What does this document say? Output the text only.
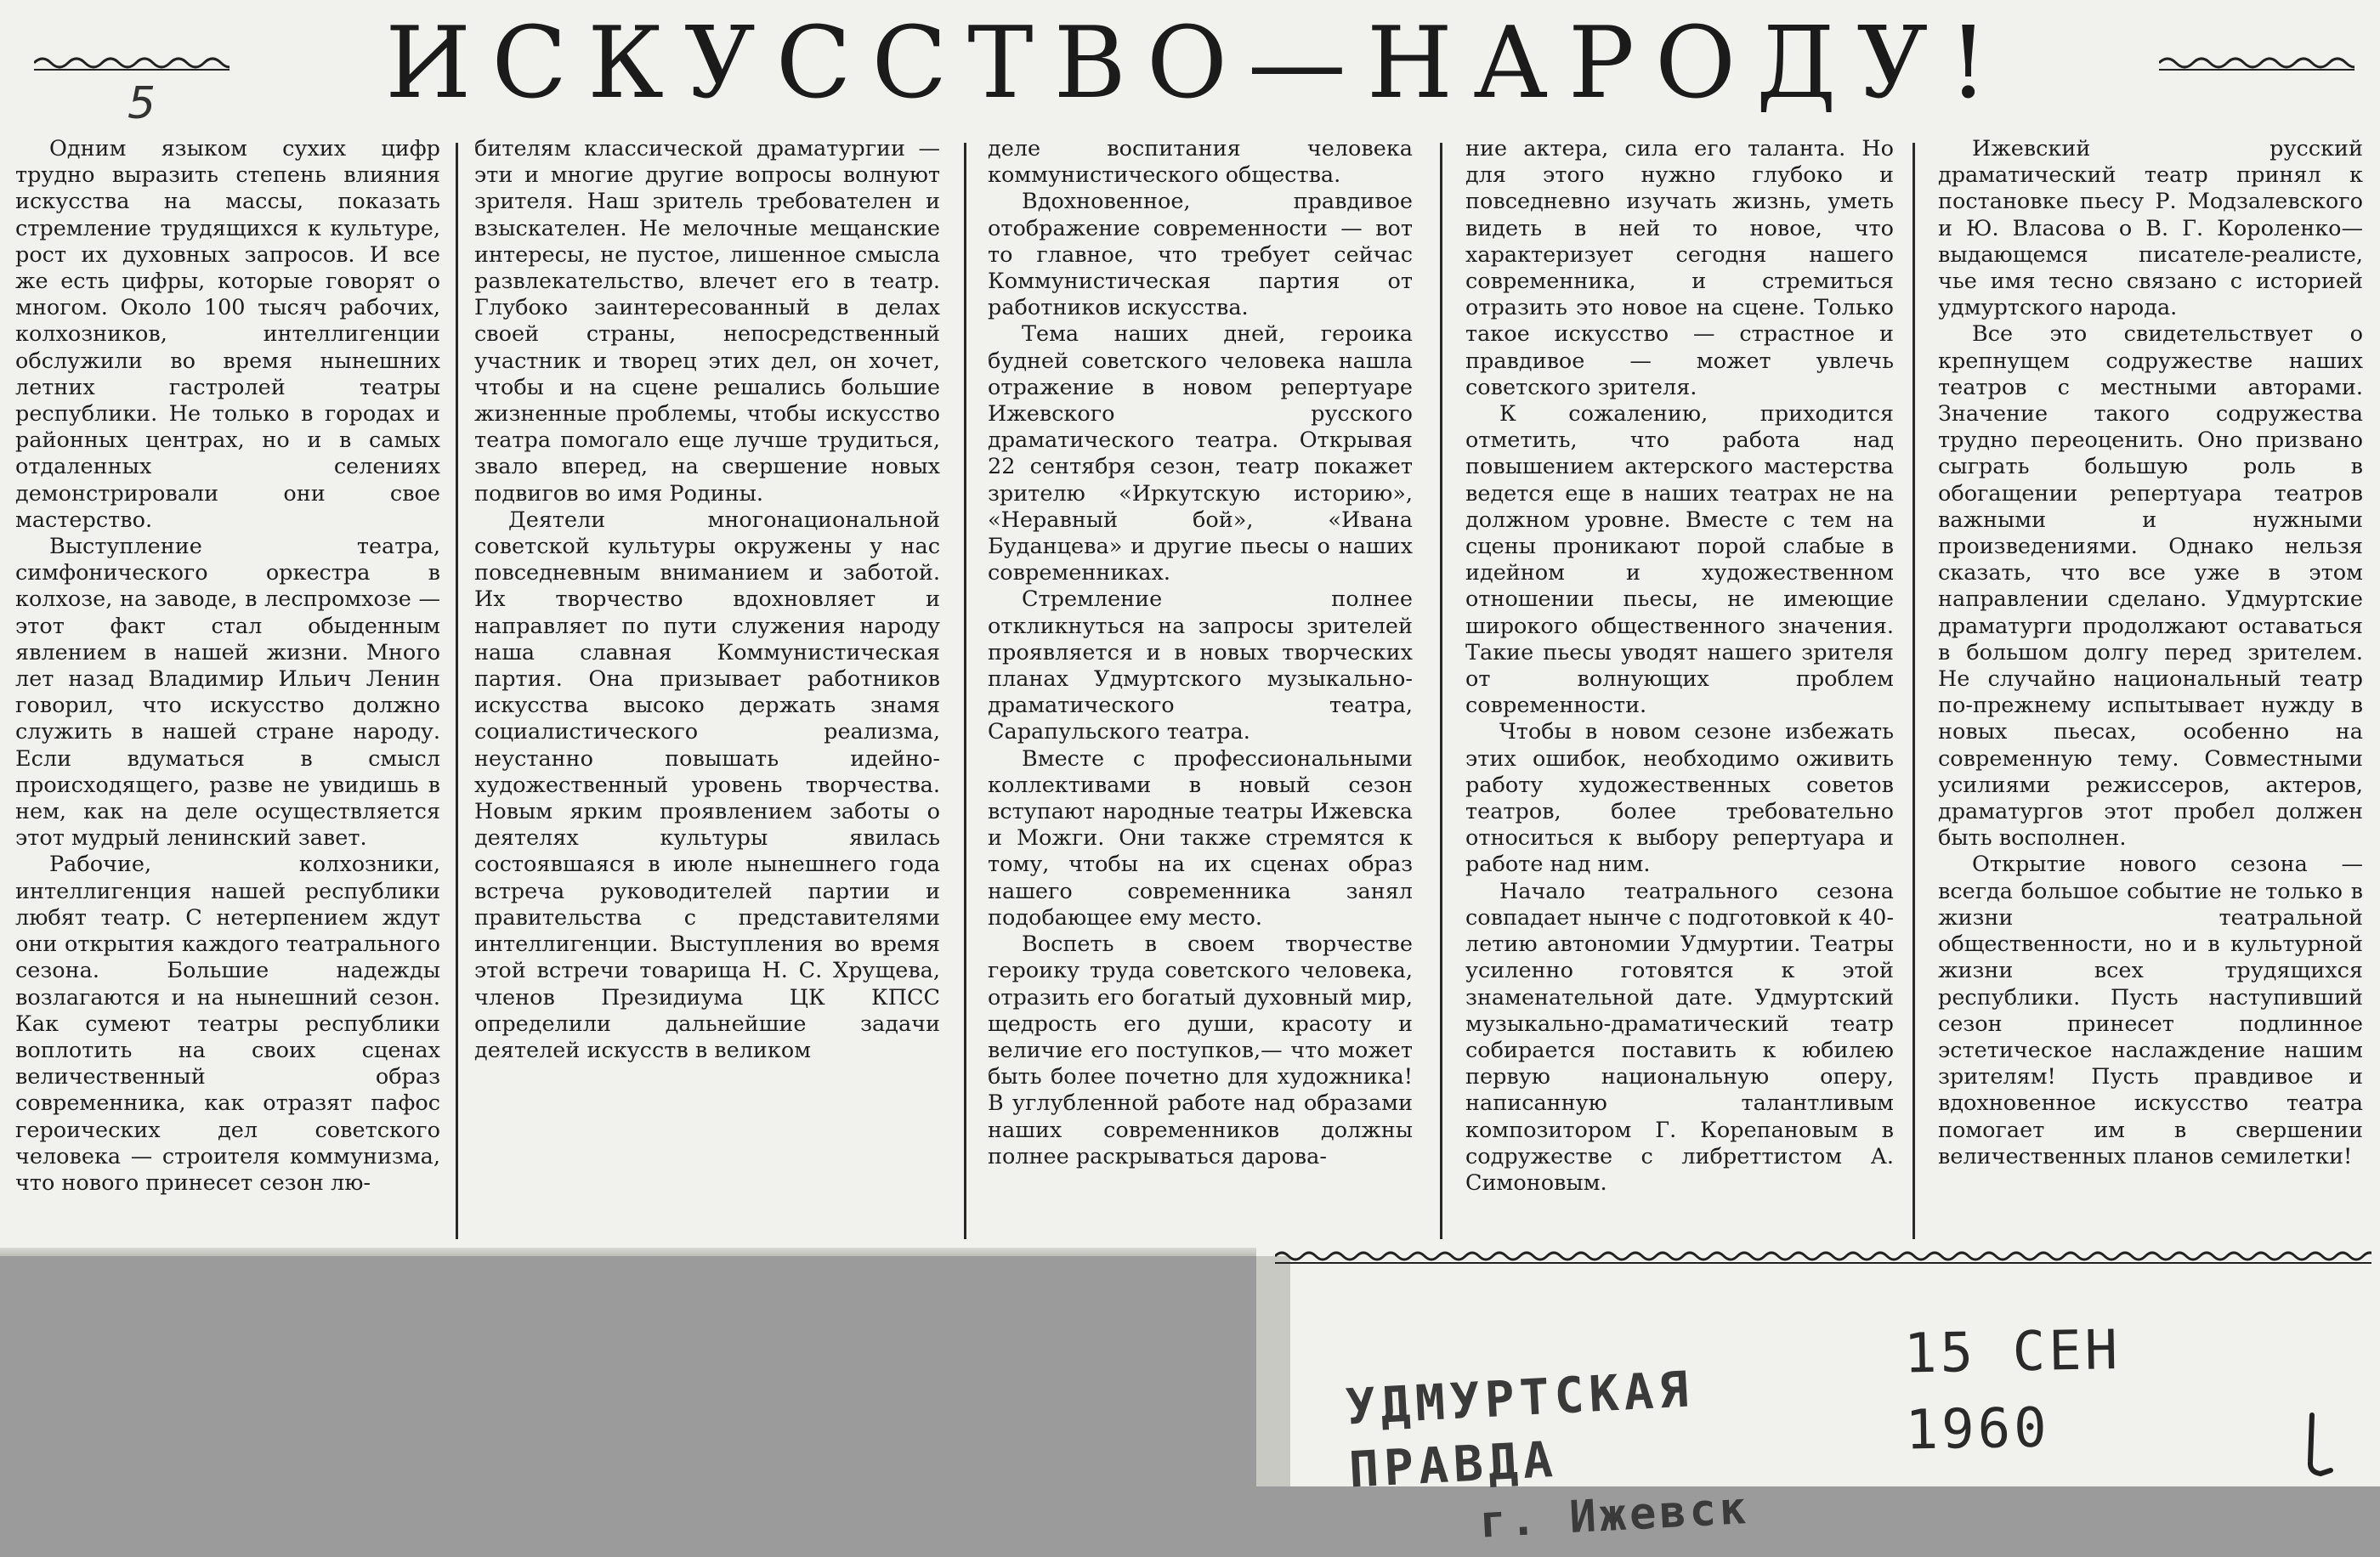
ИСКУССТВО—НАРОДУ!
5

Одним языком сухих цифр трудно выразить степень влияния искусства на массы, показать стремление трудящихся к культуре, рост их духовных запросов. И все же есть цифры, которые говорят о многом. Около 100 тысяч рабочих, колхозников, интеллигенции обслужили во время нынешних летних гастролей театры республики. Не только в городах и районных центрах, но и в самых отдаленных селениях демонстрировали они свое мастерство.

Выступление театра, симфонического оркестра в колхозе, на заводе, в леспромхозе — этот факт стал обыденным явлением в нашей жизни. Много лет назад Владимир Ильич Ленин говорил, что искусство должно служить в нашей стране народу. Если вдуматься в смысл происходящего, разве не увидишь в нем, как на деле осуществляется этот мудрый ленинский завет.

Рабочие, колхозники, интеллигенция нашей республики любят театр. С нетерпением ждут они открытия каждого театрального сезона. Большие надежды возлагаются и на нынешний сезон. Как сумеют театры республики воплотить на своих сценах величественный образ современника, как отразят пафос героических дел советского человека — строителя коммунизма, что нового принесет сезон лю-

бителям классической драматургии — эти и многие другие вопросы волнуют зрителя. Наш зритель требователен и взыскателен. Не мелочные мещанские интересы, не пустое, лишенное смысла развлекательство, влечет его в театр. Глубоко заинтересованный в делах своей страны, непосредственный участник и творец этих дел, он хочет, чтобы и на сцене решались большие жизненные проблемы, чтобы искусство театра помогало еще лучше трудиться, звало вперед, на свершение новых подвигов во имя Родины.

Деятели многонациональной советской культуры окружены у нас повседневным вниманием и заботой. Их творчество вдохновляет и направляет по пути служения народу наша славная Коммунистическая партия. Она призывает работников искусства высоко держать знамя социалистического реализма, неустанно повышать идейно-художественный уровень творчества. Новым ярким проявлением заботы о деятелях культуры явилась состоявшаяся в июле нынешнего года встреча руководителей партии и правительства с представителями интеллигенции. Выступления во время этой встречи товарища Н. С. Хрущева, членов Президиума ЦК КПСС определили дальнейшие задачи деятелей искусств в великом

деле воспитания человека коммунистического общества.

Вдохновенное, правдивое отображение современности — вот то главное, что требует сейчас Коммунистическая партия от работников искусства.

Тема наших дней, героика будней советского человека нашла отражение в новом репертуаре Ижевского русского драматического театра. Открывая 22 сентября сезон, театр покажет зрителю «Иркутскую историю», «Неравный бой», «Ивана Буданцева» и другие пьесы о наших современниках.

Стремление полнее откликнуться на запросы зрителей проявляется и в новых творческих планах Удмуртского музыкально-драматического театра, Сарапульского театра.

Вместе с профессиональными коллективами в новый сезон вступают народные театры Ижевска и Можги. Они также стремятся к тому, чтобы на их сценах образ нашего современника занял подобающее ему место.

Воспеть в своем творчестве героику труда советского человека, отразить его богатый духовный мир, щедрость его души, красоту и величие его поступков,— что может быть более почетно для художника! В углубленной работе над образами наших современников должны полнее раскрываться дарова-

ние актера, сила его таланта. Но для этого нужно глубоко и повседневно изучать жизнь, уметь видеть в ней то новое, что характеризует сегодня нашего современника, и стремиться отразить это новое на сцене. Только такое искусство — страстное и правдивое — может увлечь советского зрителя.

К сожалению, приходится отметить, что работа над повышением актерского мастерства ведется еще в наших театрах не на должном уровне. Вместе с тем на сцены проникают порой слабые в идейном и художественном отношении пьесы, не имеющие широкого общественного значения. Такие пьесы уводят нашего зрителя от волнующих проблем современности.

Чтобы в новом сезоне избежать этих ошибок, необходимо оживить работу художественных советов театров, более требовательно относиться к выбору репертуара и работе над ним.

Начало театрального сезона совпадает нынче с подготовкой к 40-летию автономии Удмуртии. Театры усиленно готовятся к этой знаменательной дате. Удмуртский музыкально-драматический театр собирается поставить к юбилею первую национальную оперу, написанную талантливым композитором Г. Корепановым в содружестве с либреттистом А. Симоновым.

Ижевский русский драматический театр принял к постановке пьесу Р. Модзалевского и Ю. Власова о В. Г. Короленко— выдающемся писателе-реалисте, чье имя тесно связано с историей удмуртского народа.

Все это свидетельствует о крепнущем содружестве наших театров с местными авторами. Значение такого содружества трудно переоценить. Оно призвано сыграть большую роль в обогащении репертуара театров важными и нужными произведениями. Однако нельзя сказать, что все уже в этом направлении сделано. Удмуртские драматурги продолжают оставаться в большом долгу перед зрителем. Не случайно национальный театр по-прежнему испытывает нужду в новых пьесах, особенно на современную тему. Совместными усилиями режиссеров, актеров, драматургов этот пробел должен быть восполнен.

Открытие нового сезона — всегда большое событие не только в жизни театральной общественности, но и в культурной жизни всех трудящихся республики. Пусть наступивший сезон принесет подлинное эстетическое наслаждение нашим зрителям! Пусть правдивое и вдохновенное искусство театра помогает им в свершении величественных планов семилетки!

15 СЕН 1960
УДМУРТСКАЯ ПРАВДА
г. Ижевск
